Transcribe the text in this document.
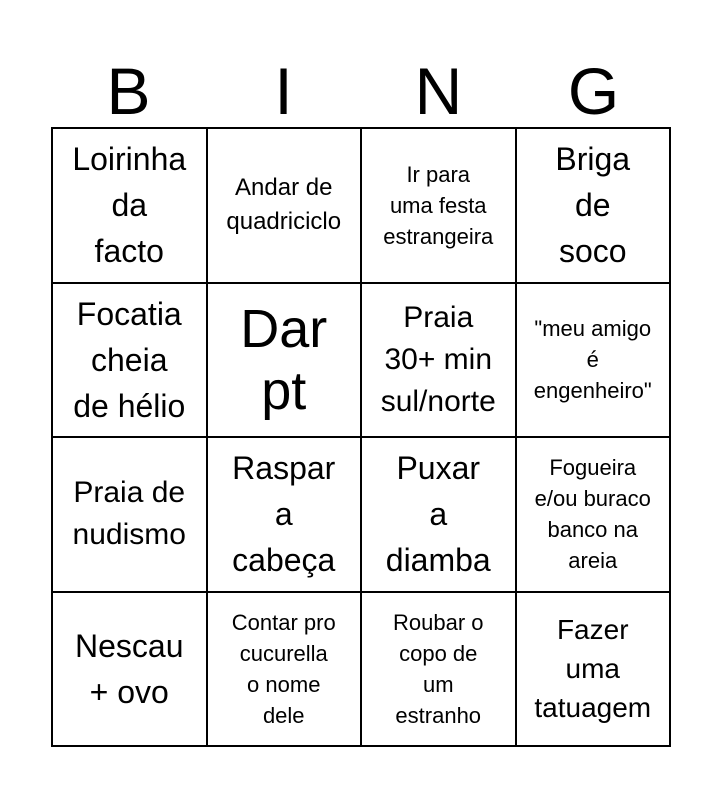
B	I	N	G
Loirinha
da
facto
Andar de
quadriciclo
Ir para
uma festa
estrangeira
Briga
de
soco
Focatia
cheia
de hélio
Dar
pt
Praia
30+ min
sul/norte
"meu amigo
é
engenheiro"
Praia de
nudismo
Raspar
a
cabeça
Puxar
a
diamba
Fogueira
e/ou buraco
banco na
areia
Nescau
+ ovo
Contar pro
cucurella
o nome
dele
Roubar o
copo de
um
estranho
Fazer
uma
tatuagem
